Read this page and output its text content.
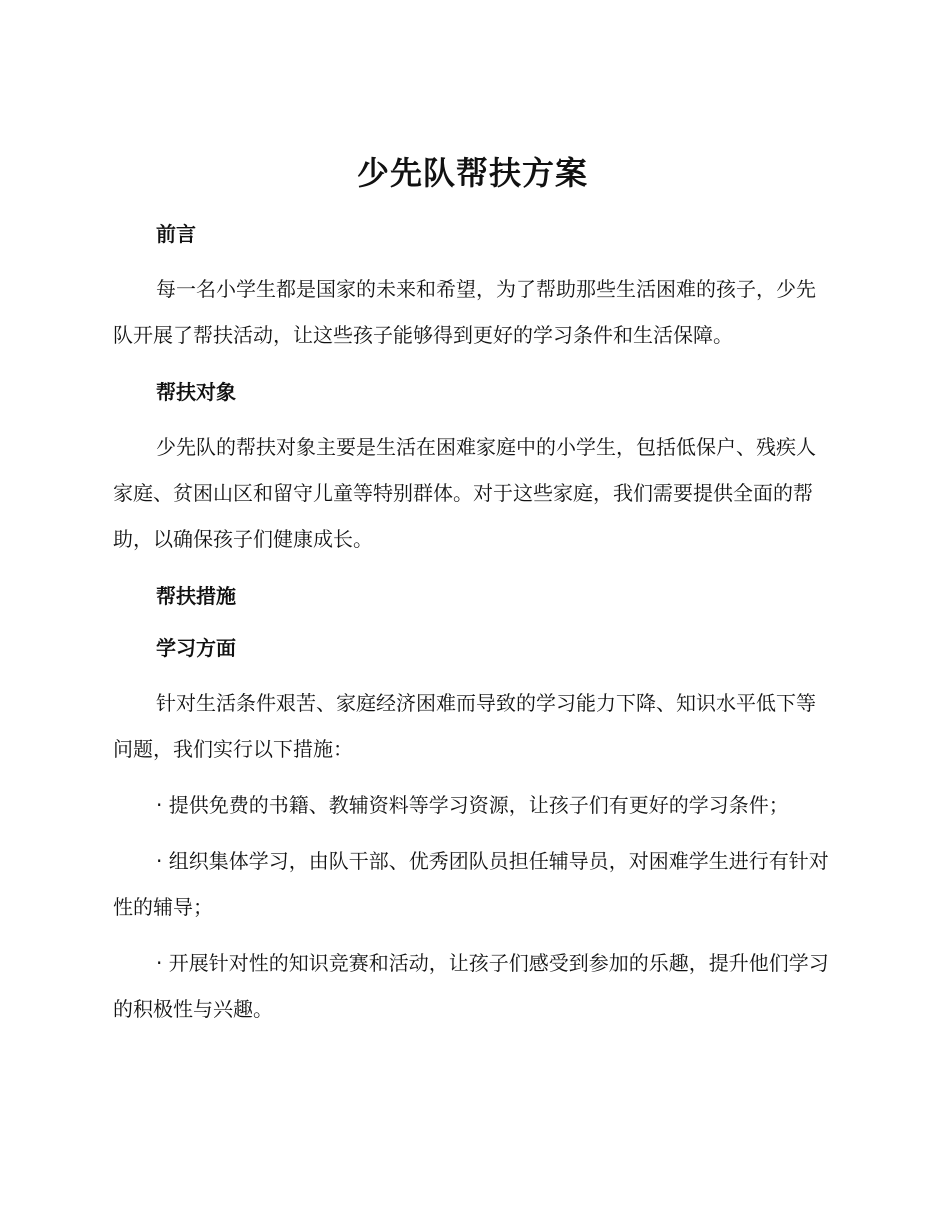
少先队帮扶方案
前言

每一名小学生都是国家的未来和希望，为了帮助那些生活困难的孩子，少先队开展了帮扶活动，让这些孩子能够得到更好的学习条件和生活保障。

帮扶对象

少先队的帮扶对象主要是生活在困难家庭中的小学生，包括低保户、残疾人家庭、贫困山区和留守儿童等特别群体。对于这些家庭，我们需要提供全面的帮助，以确保孩子们健康成长。

帮扶措施
学习方面

针对生活条件艰苦、家庭经济困难而导致的学习能力下降、知识水平低下等问题，我们实行以下措施：

· 提供免费的书籍、教辅资料等学习资源，让孩子们有更好的学习条件；

· 组织集体学习，由队干部、优秀团队员担任辅导员，对困难学生进行有针对性的辅导；

· 开展针对性的知识竞赛和活动，让孩子们感受到参加的乐趣，提升他们学习的积极性与兴趣。
